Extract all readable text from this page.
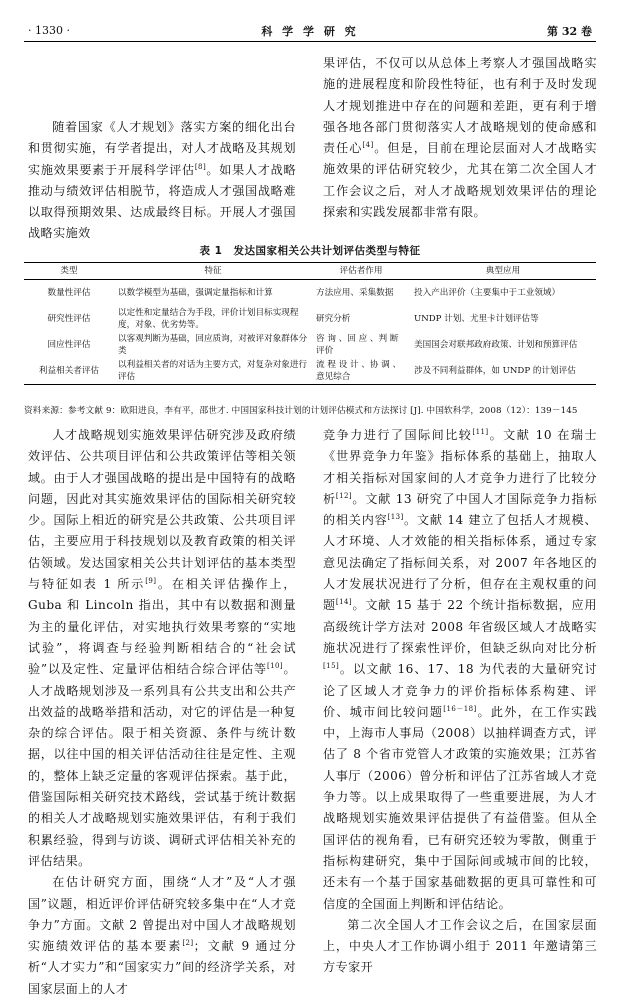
· 1330 ·	科 学 学 研 究	第 32 卷

随着国家《人才规划》落实方案的细化出台和贯彻实施，有学者提出，对人才战略及其规划实施效果要素于开展科学评估[8]。如果人才战略推动与绩效评估相脱节，将造成人才强国战略难以取得预期效果、达成最终目标。开展人才强国战略实施效

果评估，不仅可以从总体上考察人才强国战略实施的进展程度和阶段性特征，也有利于及时发现人才规划推进中存在的问题和差距，更有利于增强各地各部门贯彻落实人才战略规划的使命感和责任心[4]。但是，目前在理论层面对人才战略实施效果的评估研究较少，尤其在第二次全国人才工作会议之后，对人才战略规划效果评估的理论探索和实践发展都非常有限。

表 1　发达国家相关公共计划评估类型与特征
类型	特征	评估者作用	典型应用
数量性评估	以数学模型为基础，强调定量指标和计算	方法应用、采集数据	投入产出评价（主要集中于工业领域）
研究性评估	以定性和定量结合为手段，评价计划目标实现程度，对象、优劣势等。	研究分析	UNDP 计划、尤里卡计划评估等
回应性评估	以客观判断为基础，回应质询，对被评对象群体分类	咨 询 、回 应 、判 断评价	美国国会对联邦政府政策、计划和预算评估
利益相关者评估	以利益相关者的对话为主要方式，对复杂对象进行评估	流 程 设 计 、协 调 、意见综合	涉及不同利益群体，如 UNDP 的计划评估
资料来源：参考文献 9：欧阳进良，李有平，邵世才. 中国国家科技计划的计划评估模式和方法探讨 [J]. 中国软科学，2008（12）：139－145

人才战略规划实施效果评估研究涉及政府绩效评估、公共项目评估和公共政策评估等相关领域。由于人才强国战略的提出是中国特有的战略问题，因此对其实施效果评估的国际相关研究较少。国际上相近的研究是公共政策、公共项目评估，主要应用于科技规划以及教育政策的相关评估领域。发达国家相关公共计划评估的基本类型与特征如表 1 所示[9]。在相关评估操作上，Guba 和 Lincoln 指出，其中有以数据和测量为主的量化评估，对实地执行效果考察的“实地试验”，将调查与经验判断相结合的“社会试验”以及定性、定量评估相结合综合评估等[10]。人才战略规划涉及一系列具有公共支出和公共产出效益的战略举措和活动，对它的评估是一种复杂的综合评估。限于相关资源、条件与统计数据，以往中国的相关评估活动往往是定性、主观的，整体上缺乏定量的客观评估探索。基于此，借鉴国际相关研究技术路线，尝试基于统计数据的相关人才战略规划实施效果评估，有利于我们积累经验，得到与访谈、调研式评估相关补充的评估结果。

在估计研究方面，围绕“人才”及“人才强国”议题，相近评价评估研究较多集中在“人才竞争力”方面。文献 2 曾提出对中国人才战略规划实施绩效评估的基本要素[2]；文献 9 通过分析“人才实力”和“国家实力”间的经济学关系，对国家层面上的人才

竞争力进行了国际间比较[11]。文献 10 在瑞士《世界竞争力年鉴》指标体系的基础上，抽取人才相关指标对国家间的人才竞争力进行了比较分析[12]。文献 13 研究了中国人才国际竞争力指标的相关内容[13]。文献 14 建立了包括人才规模、人才环境、人才效能的相关指标体系，通过专家意见法确定了指标间关系，对 2007 年各地区的人才发展状况进行了分析，但存在主观权重的问题[14]。文献 15 基于 22 个统计指标数据，应用高级统计学方法对 2008 年省级区域人才战略实施状况进行了探索性评价，但缺乏纵向对比分析[15]。以文献 16、17、18 为代表的大量研究讨论了区域人才竞争力的评价指标体系构建、评价、城市间比较问题[16－18]。此外，在工作实践中，上海市人事局（2008）以抽样调查方式，评估了 8 个省市党管人才政策的实施效果；江苏省人事厅（2006）曾分析和评估了江苏省域人才竞争力等。以上成果取得了一些重要进展，为人才战略规划实施效果评估提供了有益借鉴。但从全国评估的视角看，已有研究还较为零散，侧重于指标构建研究，集中于国际间或城市间的比较，还未有一个基于国家基础数据的更具可靠性和可信度的全国面上判断和评估结论。

第二次全国人才工作会议之后，在国家层面上，中央人才工作协调小组于 2011 年邀请第三方专家开
